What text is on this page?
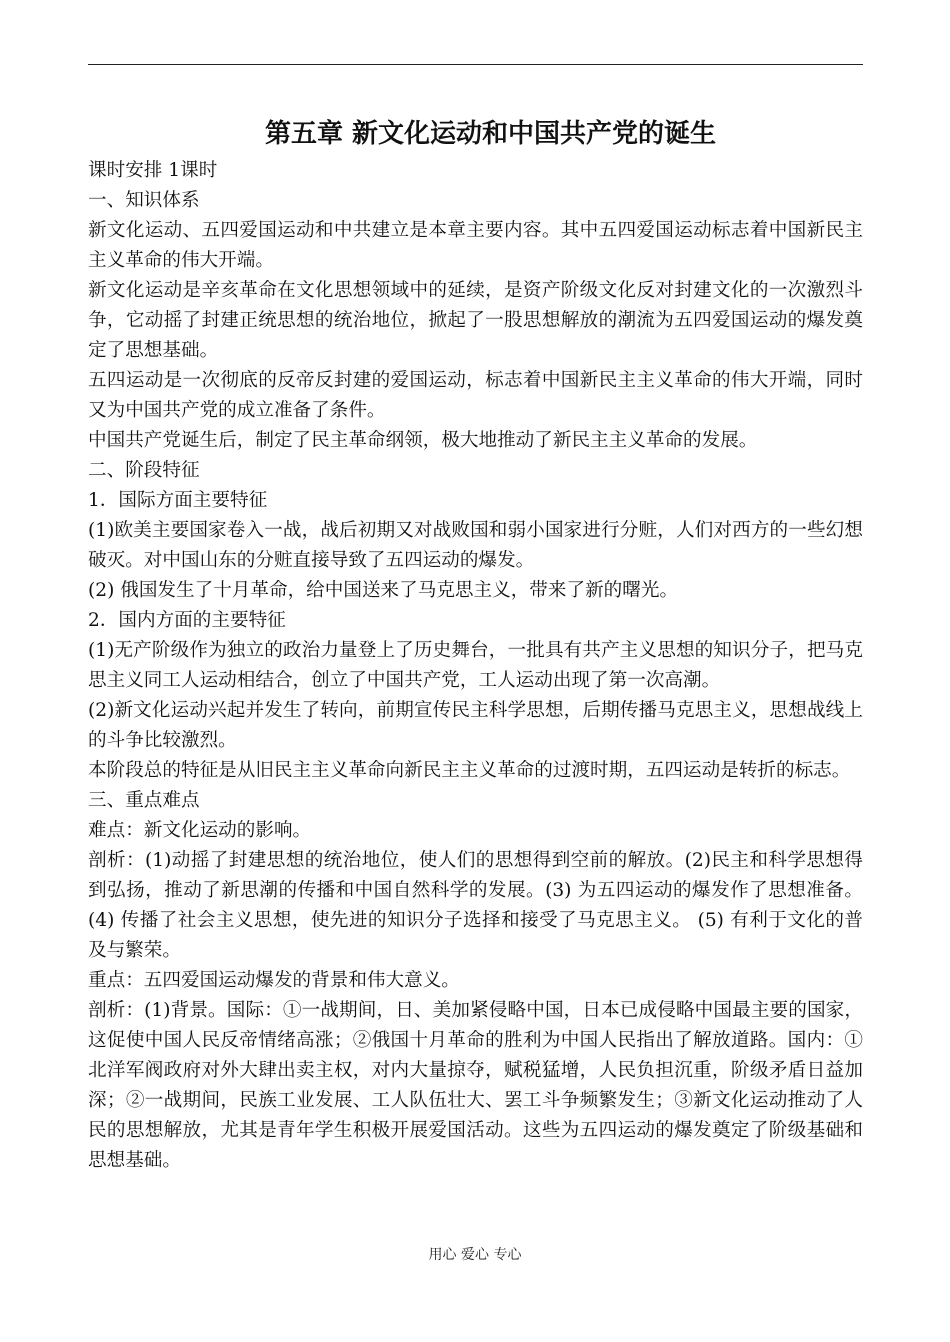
第五章 新文化运动和中国共产党的诞生

课时安排 1课时

一、知识体系

新文化运动、五四爱国运动和中共建立是本章主要内容。其中五四爱国运动标志着中国新民主主义革命的伟大开端。

新文化运动是辛亥革命在文化思想领域中的延续，是资产阶级文化反对封建文化的一次激烈斗争，它动摇了封建正统思想的统治地位，掀起了一股思想解放的潮流为五四爱国运动的爆发奠定了思想基础。

五四运动是一次彻底的反帝反封建的爱国运动，标志着中国新民主主义革命的伟大开端，同时又为中国共产党的成立准备了条件。

中国共产党诞生后，制定了民主革命纲领，极大地推动了新民主主义革命的发展。

二、阶段特征

1．国际方面主要特征

(1)欧美主要国家卷入一战，战后初期又对战败国和弱小国家进行分赃，人们对西方的一些幻想破灭。对中国山东的分赃直接导致了五四运动的爆发。

(2) 俄国发生了十月革命，给中国送来了马克思主义，带来了新的曙光。

2．国内方面的主要特征

(1)无产阶级作为独立的政治力量登上了历史舞台，一批具有共产主义思想的知识分子，把马克思主义同工人运动相结合，创立了中国共产党，工人运动出现了第一次高潮。

(2)新文化运动兴起并发生了转向，前期宣传民主科学思想，后期传播马克思主义，思想战线上的斗争比较激烈。

本阶段总的特征是从旧民主主义革命向新民主主义革命的过渡时期，五四运动是转折的标志。

三、重点难点

难点：新文化运动的影响。

剖析：(1)动摇了封建思想的统治地位，使人们的思想得到空前的解放。(2)民主和科学思想得到弘扬，推动了新思潮的传播和中国自然科学的发展。(3) 为五四运动的爆发作了思想准备。(4) 传播了社会主义思想，使先进的知识分子选择和接受了马克思主义。 (5) 有利于文化的普及与繁荣。

重点：五四爱国运动爆发的背景和伟大意义。

剖析：(1)背景。国际：①一战期间，日、美加紧侵略中国，日本已成侵略中国最主要的国家，这促使中国人民反帝情绪高涨；②俄国十月革命的胜利为中国人民指出了解放道路。国内：①北洋军阀政府对外大肆出卖主权，对内大量掠夺，赋税猛增，人民负担沉重，阶级矛盾日益加深；②一战期间，民族工业发展、工人队伍壮大、罢工斗争频繁发生；③新文化运动推动了人民的思想解放，尤其是青年学生积极开展爱国活动。这些为五四运动的爆发奠定了阶级基础和思想基础。

用心 爱心 专心
